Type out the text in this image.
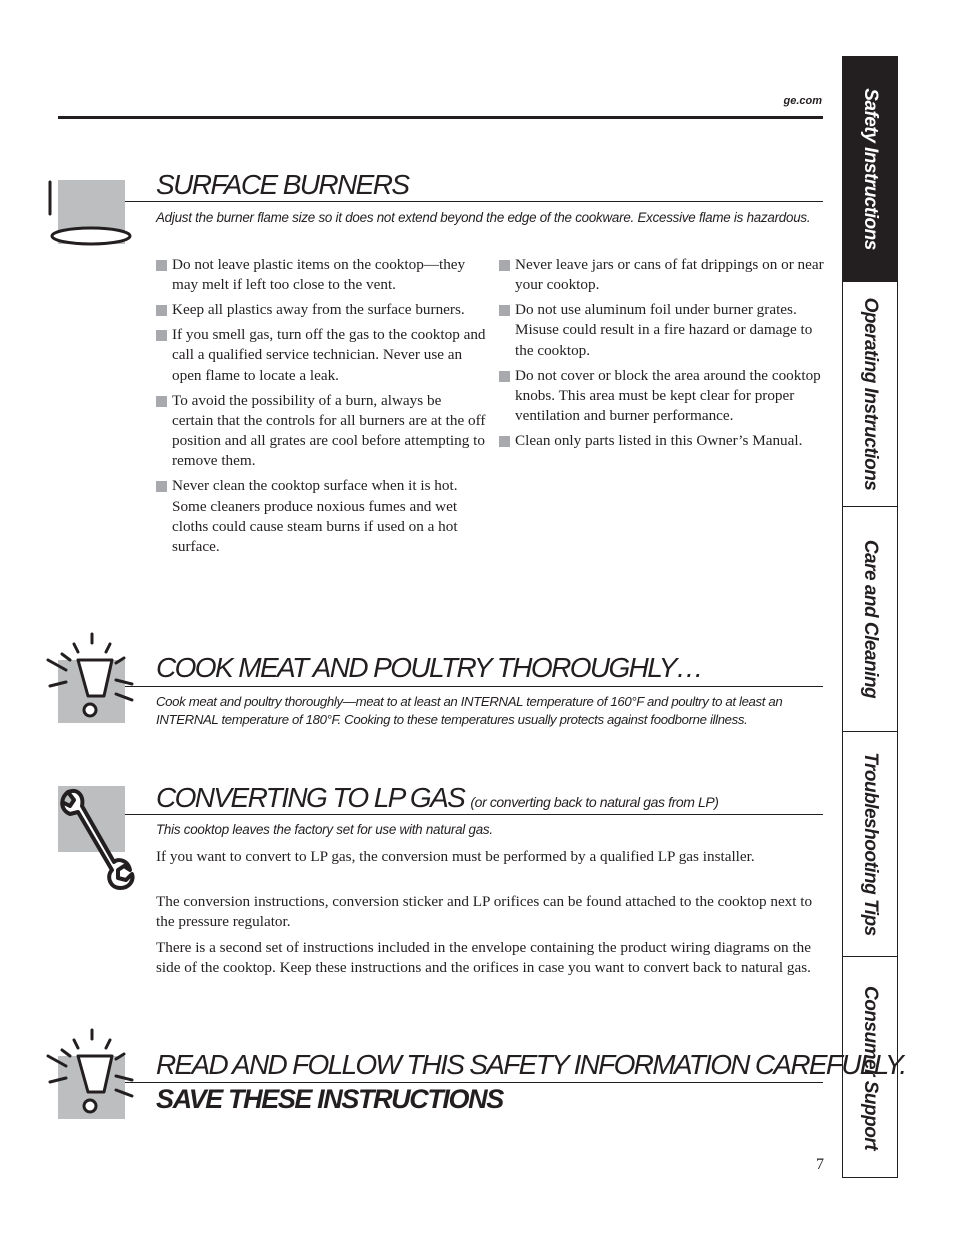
ge.com
SURFACE BURNERS
Adjust the burner flame size so it does not extend beyond the edge of the cookware. Excessive flame is hazardous.
Do not leave plastic items on the cooktop—they may melt if left too close to the vent.
Keep all plastics away from the surface burners.
If you smell gas, turn off the gas to the cooktop and call a qualified service technician. Never use an open flame to locate a leak.
To avoid the possibility of a burn, always be certain that the controls for all burners are at the off position and all grates are cool before attempting to remove them.
Never clean the cooktop surface when it is hot. Some cleaners produce noxious fumes and wet cloths could cause steam burns if used on a hot surface.
Never leave jars or cans of fat drippings on or near your cooktop.
Do not use aluminum foil under burner grates. Misuse could result in a fire hazard or damage to the cooktop.
Do not cover or block the area around the cooktop knobs. This area must be kept clear for proper ventilation and burner performance.
Clean only parts listed in this Owner’s Manual.
COOK MEAT AND POULTRY THOROUGHLY…
Cook meat and poultry thoroughly—meat to at least an INTERNAL temperature of 160°F and poultry to at least an INTERNAL temperature of 180°F. Cooking to these temperatures usually protects against foodborne illness.
CONVERTING TO LP GAS (or converting back to natural gas from LP)
This cooktop leaves the factory set for use with natural gas.
If you want to convert to LP gas, the conversion must be performed by a qualified LP gas installer.
The conversion instructions, conversion sticker and LP orifices can be found attached to the cooktop next to the pressure regulator.
There is a second set of instructions included in the envelope containing the product wiring diagrams on the side of the cooktop. Keep these instructions and the orifices in case you want to convert back to natural gas.
READ AND FOLLOW THIS SAFETY INFORMATION CAREFULLY.
SAVE THESE INSTRUCTIONS
7
Safety Instructions
Operating Instructions
Care and Cleaning
Troubleshooting Tips
Consumer Support
